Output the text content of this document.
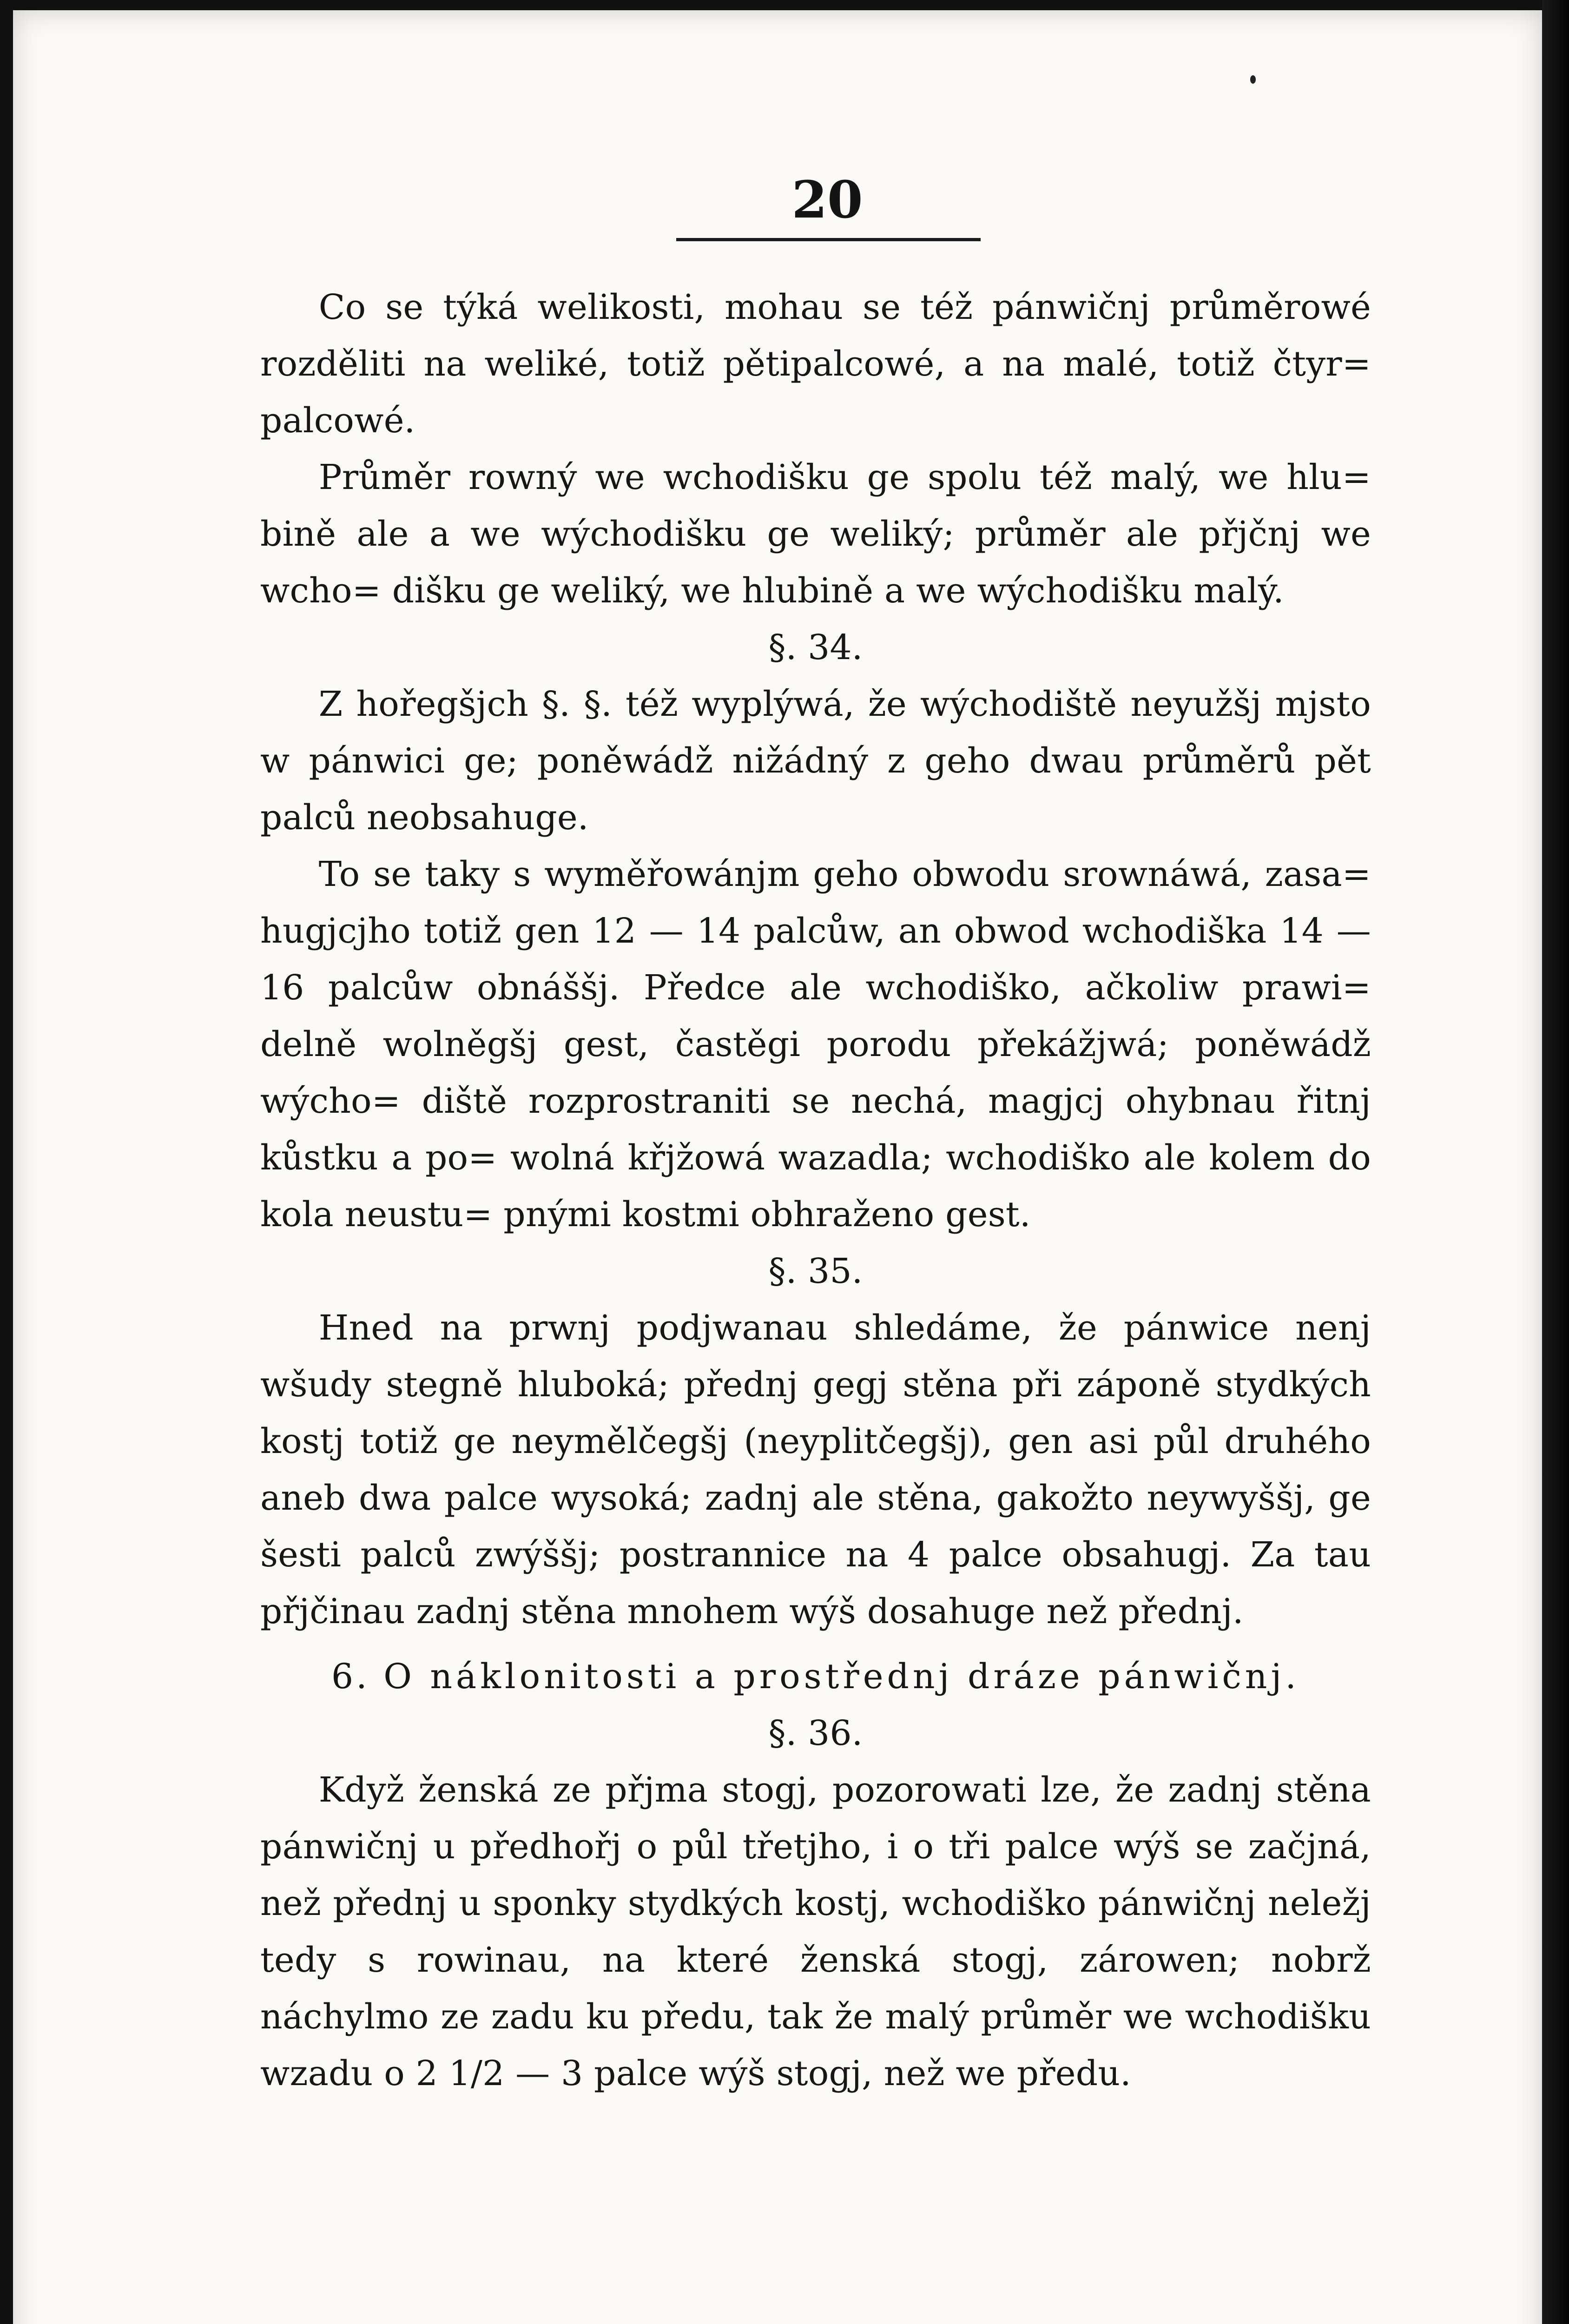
20

Co se týká welikosti, mohau se též pánwičnj průměrowé rozděliti na weliké, totiž pětipalcowé, a na malé, totiž čtyr= palcowé.

Průměr rowný we wchodišku ge spolu též malý, we hlu= bině ale a we wýchodišku ge weliký; průměr ale přjčnj we wcho= dišku ge weliký, we hlubině a we wýchodišku malý.

§. 34.

Z hořegšjch §. §. též wyplýwá, že wýchodiště neyužšj mjsto w pánwici ge; poněwádž nižádný z geho dwau průměrů pět palců neobsahuge.

To se taky s wyměřowánjm geho obwodu srownáwá, zasa= hugjcjho totiž gen 12 — 14 palcůw, an obwod wchodiška 14 — 16 palcůw obnáššj. Předce ale wchodiško, ačkoliw prawi= delně wolněgšj gest, častěgi porodu překážjwá; poněwádž wýcho= diště rozprostraniti se nechá, magjcj ohybnau řitnj kůstku a po= wolná křjžowá wazadla; wchodiško ale kolem do kola neustu= pnými kostmi obhraženo gest.

§. 35.

Hned na prwnj podjwanau shledáme, že pánwice nenj wšudy stegně hluboká; přednj gegj stěna při záponě stydkých kostj totiž ge neymělčegšj (neyplitčegšj), gen asi půl druhého aneb dwa palce wysoká; zadnj ale stěna, gakožto neywyššj, ge šesti palců zwýššj; postrannice na 4 palce obsahugj. Za tau přjčinau zadnj stěna mnohem wýš dosahuge než přednj.

6. O náklonitosti a prostřednj dráze pánwičnj.

§. 36.

Když ženská ze přjma stogj, pozorowati lze, že zadnj stěna pánwičnj u předhořj o půl třetjho, i o tři palce wýš se začjná, než přednj u sponky stydkých kostj, wchodiško pánwičnj neležj tedy s rowinau, na které ženská stogj, zárowen; nobrž náchylmo ze zadu ku předu, tak že malý průměr we wchodišku wzadu o 2 1/2 — 3 palce wýš stogj, než we předu.
